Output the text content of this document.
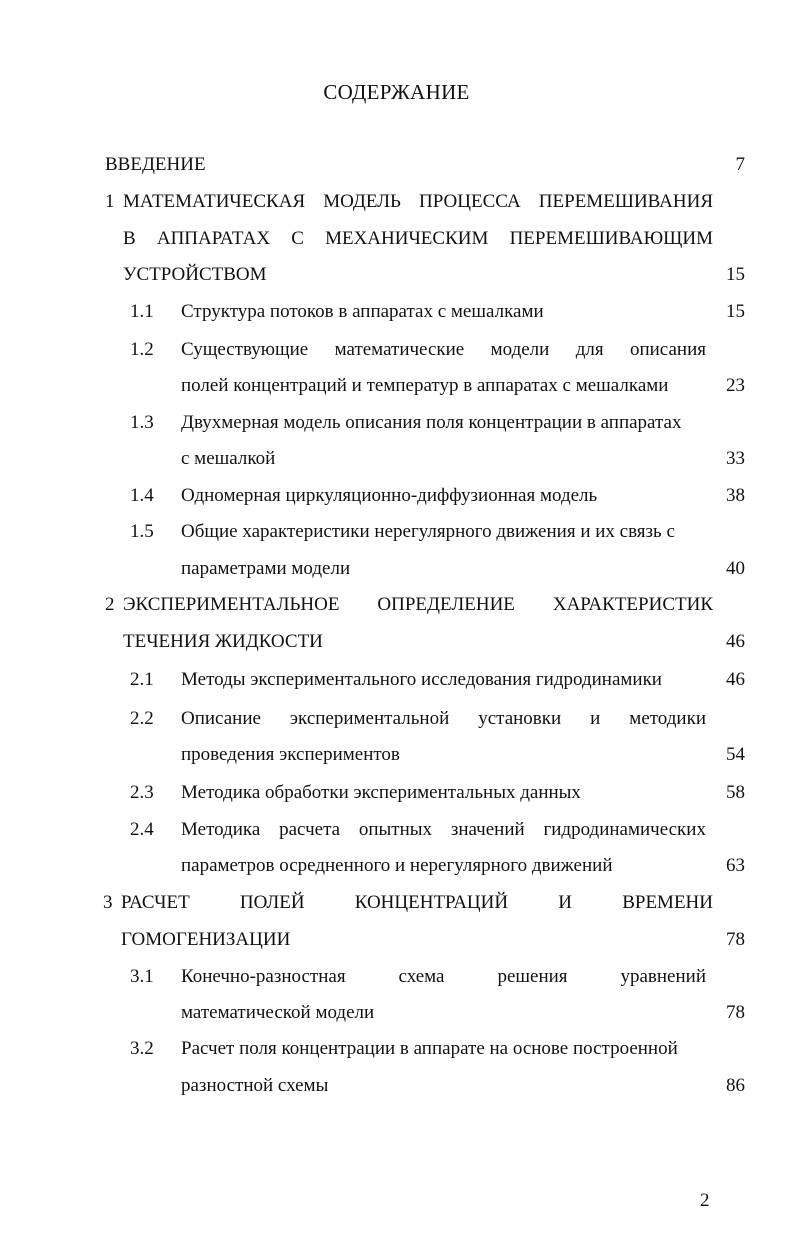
СОДЕРЖАНИЕ
ВВЕДЕНИЕ	7
1 МАТЕМАТИЧЕСКАЯ МОДЕЛЬ ПРОЦЕССА ПЕРЕМЕШИВАНИЯ
В АППАРАТАХ С МЕХАНИЧЕСКИМ ПЕРЕМЕШИВАЮЩИМ
УСТРОЙСТВОМ	15
1.1 Структура потоков в аппаратах с мешалками	15
1.2 Существующие математические модели для описания
полей концентраций и температур в аппаратах с мешалками	23
1.3 Двухмерная модель описания поля концентрации в аппаратах
с мешалкой	33
1.4 Одномерная циркуляционно-диффузионная модель	38
1.5 Общие характеристики нерегулярного движения и их связь с
параметрами модели	40
2 ЭКСПЕРИМЕНТАЛЬНОЕ ОПРЕДЕЛЕНИЕ ХАРАКТЕРИСТИК
ТЕЧЕНИЯ ЖИДКОСТИ	46
2.1 Методы экспериментального исследования гидродинамики	46
2.2 Описание экспериментальной установки и методики
проведения экспериментов	54
2.3 Методика обработки экспериментальных данных	58
2.4 Методика расчета опытных значений гидродинамических
параметров осредненного и нерегулярного движений	63
3 РАСЧЕТ	ПОЛЕЙ	КОНЦЕНТРАЦИЙ	И	ВРЕМЕНИ
ГОМОГЕНИЗАЦИИ	78
3.1 Конечно-разностная	схема	решения	уравнений
математической модели	78
3.2 Расчет поля концентрации в аппарате на основе построенной
разностной схемы	86
2
